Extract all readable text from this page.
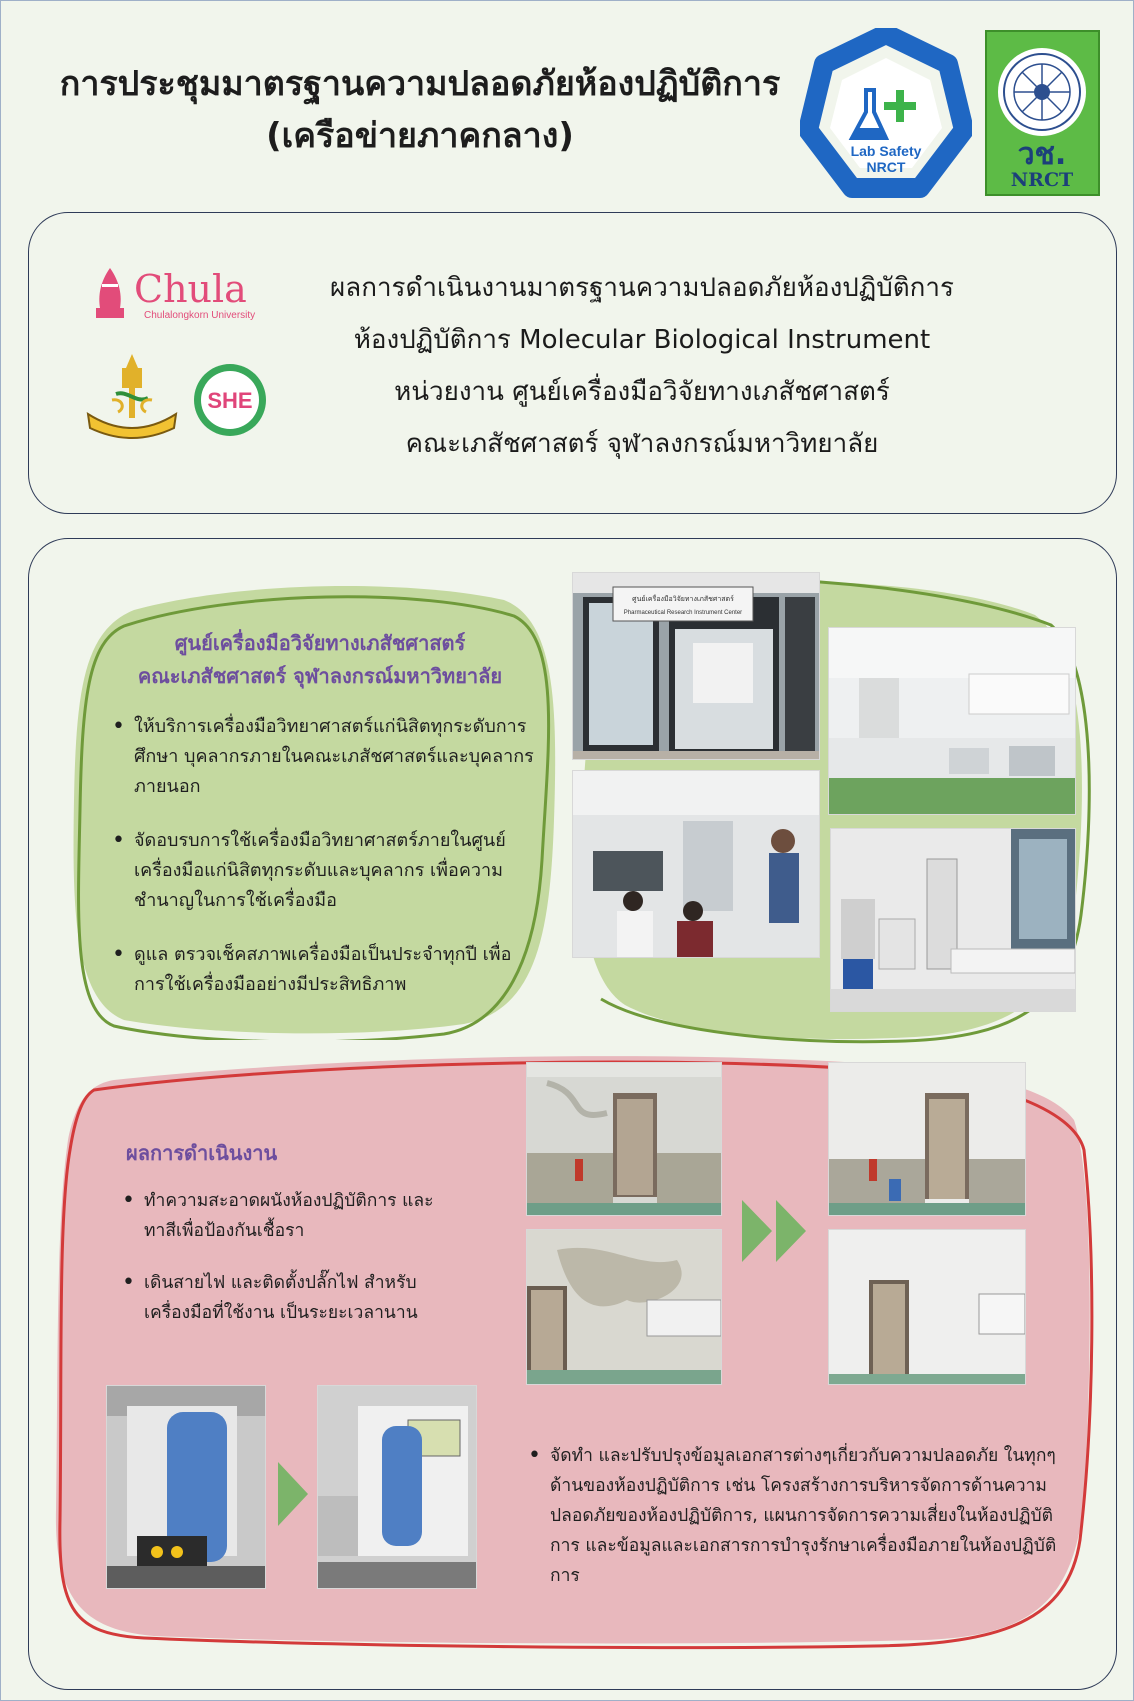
การประชุมมาตรฐานความปลอดภัยห้องปฏิบัติการ
(เครือข่ายภาคกลาง)	Lab Safety
NRCT	วช.
NRCT
Chula
Chulalongkorn University
SHE
ผลการดำเนินงานมาตรฐานความปลอดภัยห้องปฏิบัติการ
ห้องปฏิบัติการ Molecular Biological Instrument
หน่วยงาน ศูนย์เครื่องมือวิจัยทางเภสัชศาสตร์
คณะเภสัชศาสตร์ จุฬาลงกรณ์มหาวิทยาลัย
ศูนย์เครื่องมือวิจัยทางเภสัชศาสตร์
คณะเภสัชศาสตร์ จุฬาลงกรณ์มหาวิทยาลัย
• ให้บริการเครื่องมือวิทยาศาสตร์แก่นิสิตทุกระดับการศึกษา บุคลากรภายในคณะเภสัชศาสตร์และบุคลากรภายนอก
• จัดอบรบการใช้เครื่องมือวิทยาศาสตร์ภายในศูนย์เครื่องมือแก่นิสิตทุกระดับและบุคลากร เพื่อความชำนาญในการใช้เครื่องมือ
• ดูแล ตรวจเช็คสภาพเครื่องมือเป็นประจำทุกปี เพื่อการใช้เครื่องมืออย่างมีประสิทธิภาพ
ศูนย์เครื่องมือวิจัยทางเภสัชศาสตร์
Pharmaceutical Research Instrument Center
ผลการดำเนินงาน
• ทำความสะอาดผนังห้องปฏิบัติการ และทาสีเพื่อป้องกันเชื้อรา
• เดินสายไฟ และติดตั้งปลั๊กไฟ สำหรับเครื่องมือที่ใช้งาน เป็นระยะเวลานาน
• จัดทำ และปรับปรุงข้อมูลเอกสารต่างๆเกี่ยวกับความปลอดภัย ในทุกๆด้านของห้องปฏิบัติการ เช่น โครงสร้างการบริหารจัดการด้านความปลอดภัยของห้องปฏิบัติการ, แผนการจัดการความเสี่ยงในห้องปฏิบัติการ และข้อมูลและเอกสารการบำรุงรักษาเครื่องมือภายในห้องปฏิบัติการ
